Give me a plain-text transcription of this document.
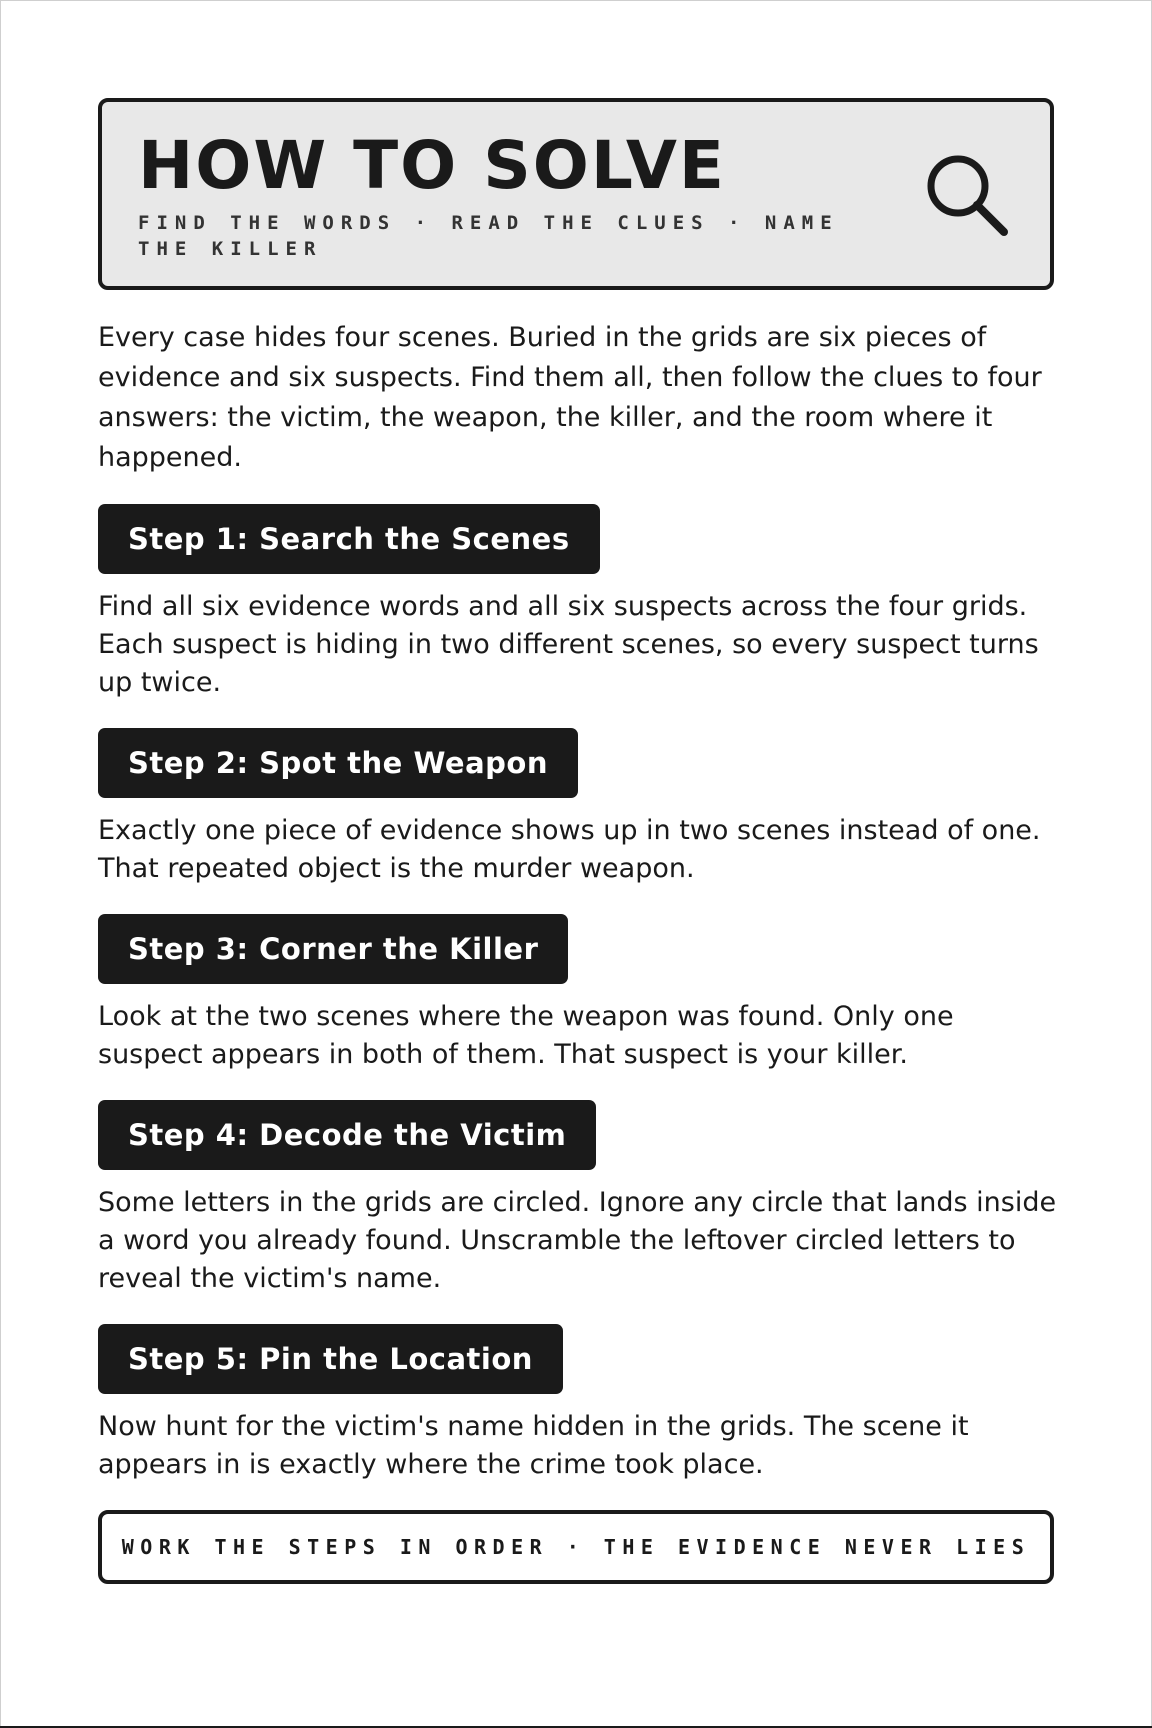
HOW TO SOLVE
FIND THE WORDS · READ THE CLUES · NAME THE KILLER

Every case hides four scenes. Buried in the grids are six pieces of evidence and six suspects. Find them all, then follow the clues to four answers: the victim, the weapon, the killer, and the room where it happened.

Step 1: Search the Scenes

Find all six evidence words and all six suspects across the four grids. Each suspect is hiding in two different scenes, so every suspect turns up twice.

Step 2: Spot the Weapon

Exactly one piece of evidence shows up in two scenes instead of one. That repeated object is the murder weapon.

Step 3: Corner the Killer

Look at the two scenes where the weapon was found. Only one suspect appears in both of them. That suspect is your killer.

Step 4: Decode the Victim

Some letters in the grids are circled. Ignore any circle that lands inside a word you already found. Unscramble the leftover circled letters to reveal the victim's name.

Step 5: Pin the Location

Now hunt for the victim's name hidden in the grids. The scene it appears in is exactly where the crime took place.

WORK THE STEPS IN ORDER · THE EVIDENCE NEVER LIES
